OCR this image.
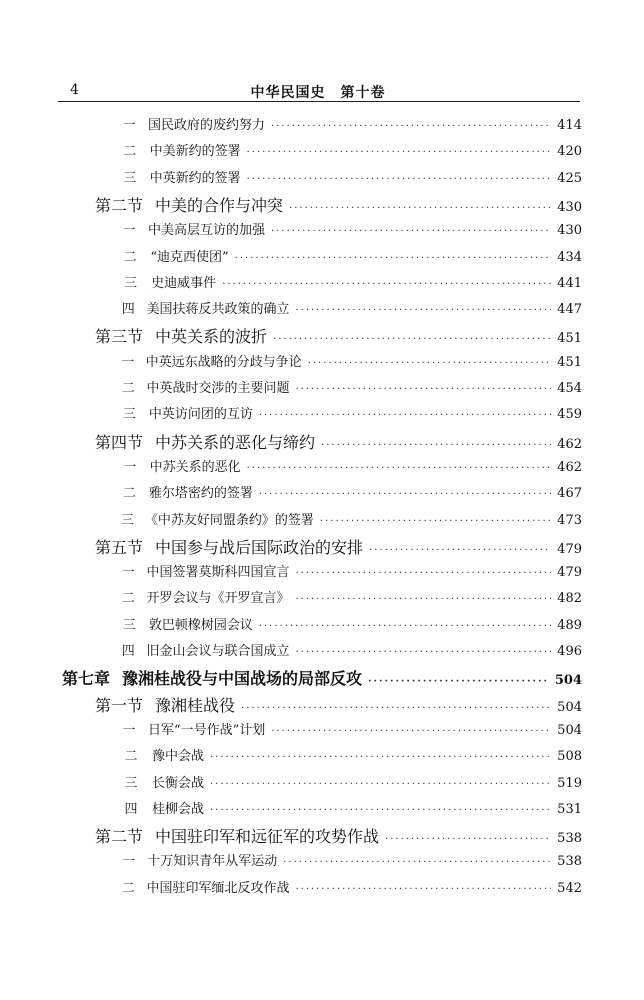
4	中华民国史　第十卷
一 国民政府的废约努力 ·····	414
二 中美新约的签署 ·····	420
三 中英新约的签署 ·····	425
第二节 中美的合作与冲突 ·····	430
一 中美高层互访的加强 ·····	430
二 “迪克西使团” ·····	434
三	史迪威事件 ·····	441
四 美国扶蒋反共政策的确立 ·····	447
第三节 中英关系的波折 ·····	451
一 中英远东战略的分歧与争论 ·····	451
二 中英战时交涉的主要问题 ·····	454
三 中英访问团的互访 ·····	459
第四节 中苏关系的恶化与缔约 ·····	462
一 中苏关系的恶化 ·····	462
二 雅尔塔密约的签署 ·····	467
三 《中苏友好同盟条约》的签署 ·····	473
第五节 中国参与战后国际政治的安排 ·····	479
一 中国签署莫斯科四国宣言 ·····	479
二 开罗会议与《开罗宣言》 ·····	482
三 敦巴顿橡树园会议 ·····	489
四 旧金山会议与联合国成立 ·····	496
第七章 豫湘桂战役与中国战场的局部反攻 ·····	504
第一节 豫湘桂战役 ·····	504
一 日军“一号作战”计划 ·····	504
二	豫中会战 ·····	508
三	长衡会战 ·····	519
四	桂柳会战 ·····	531
第二节 中国驻印军和远征军的攻势作战 ·····	538
一 十万知识青年从军运动 ·····	538
二 中国驻印军缅北反攻作战 ·····	542
